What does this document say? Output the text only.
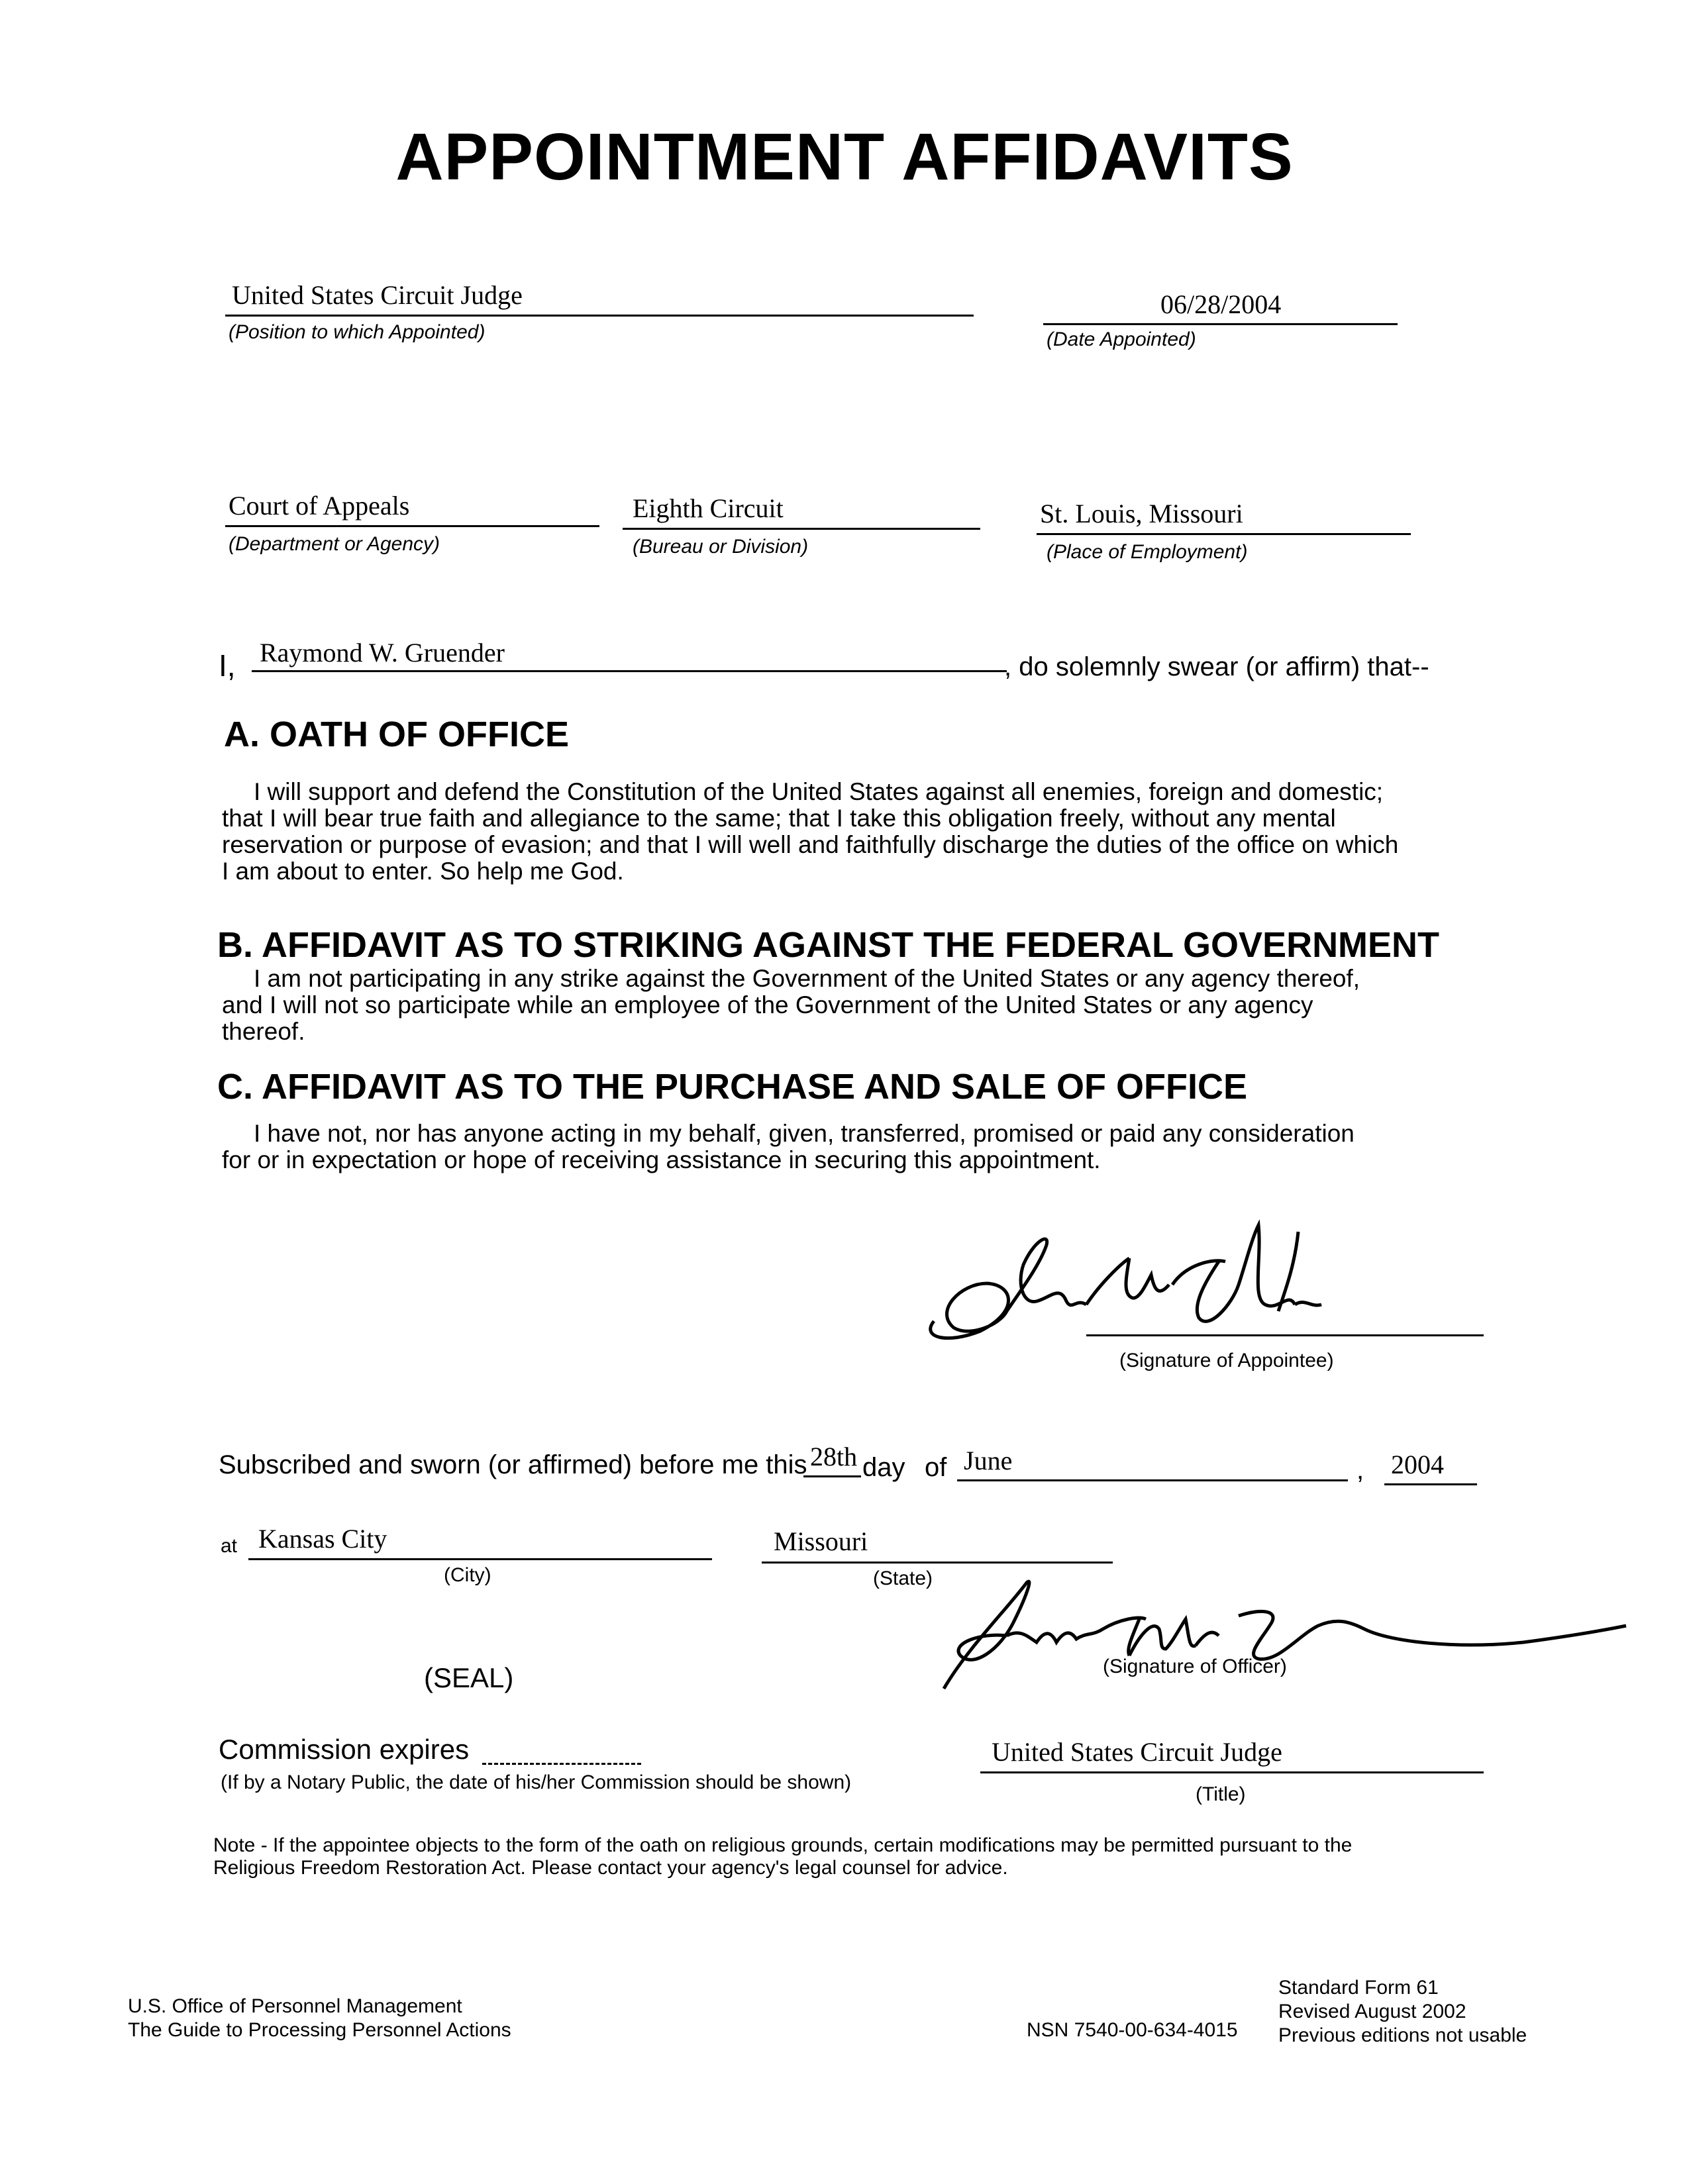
APPOINTMENT AFFIDAVITS
United States Circuit Judge
(Position to which Appointed)
06/28/2004
(Date Appointed)
Court of Appeals
(Department or Agency)
Eighth Circuit
(Bureau or Division)
St. Louis, Missouri
(Place of Employment)
I, Raymond W. Gruender	, do solemnly swear (or affirm) that--
A. OATH OF OFFICE
I will support and defend the Constitution of the United States against all enemies, foreign and domestic;
that I will bear true faith and allegiance to the same; that I take this obligation freely, without any mental
reservation or purpose of evasion; and that I will well and faithfully discharge the duties of the office on which
I am about to enter. So help me God.
B. AFFIDAVIT AS TO STRIKING AGAINST THE FEDERAL GOVERNMENT
I am not participating in any strike against the Government of the United States or any agency thereof,
and I will not so participate while an employee of the Government of the United States or any agency
thereof.
C. AFFIDAVIT AS TO THE PURCHASE AND SALE OF OFFICE
I have not, nor has anyone acting in my behalf, given, transferred, promised or paid any consideration
for or in expectation or hope of receiving assistance in securing this appointment.
(Signature of Appointee)
Subscribed and sworn (or affirmed) before me this 28th day of June	, 2004
at Kansas City
(City)
Missouri
(State)
(SEAL)	(Signature of Officer)
Commission expires
(If by a Notary Public, the date of his/her Commission should be shown)
United States Circuit Judge
(Title)
Note - If the appointee objects to the form of the oath on religious grounds, certain modifications may be permitted pursuant to the
Religious Freedom Restoration Act. Please contact your agency's legal counsel for advice.
U.S. Office of Personnel Management
The Guide to Processing Personnel Actions	NSN 7540-00-634-4015
Standard Form 61
Revised August 2002
Previous editions not usable
